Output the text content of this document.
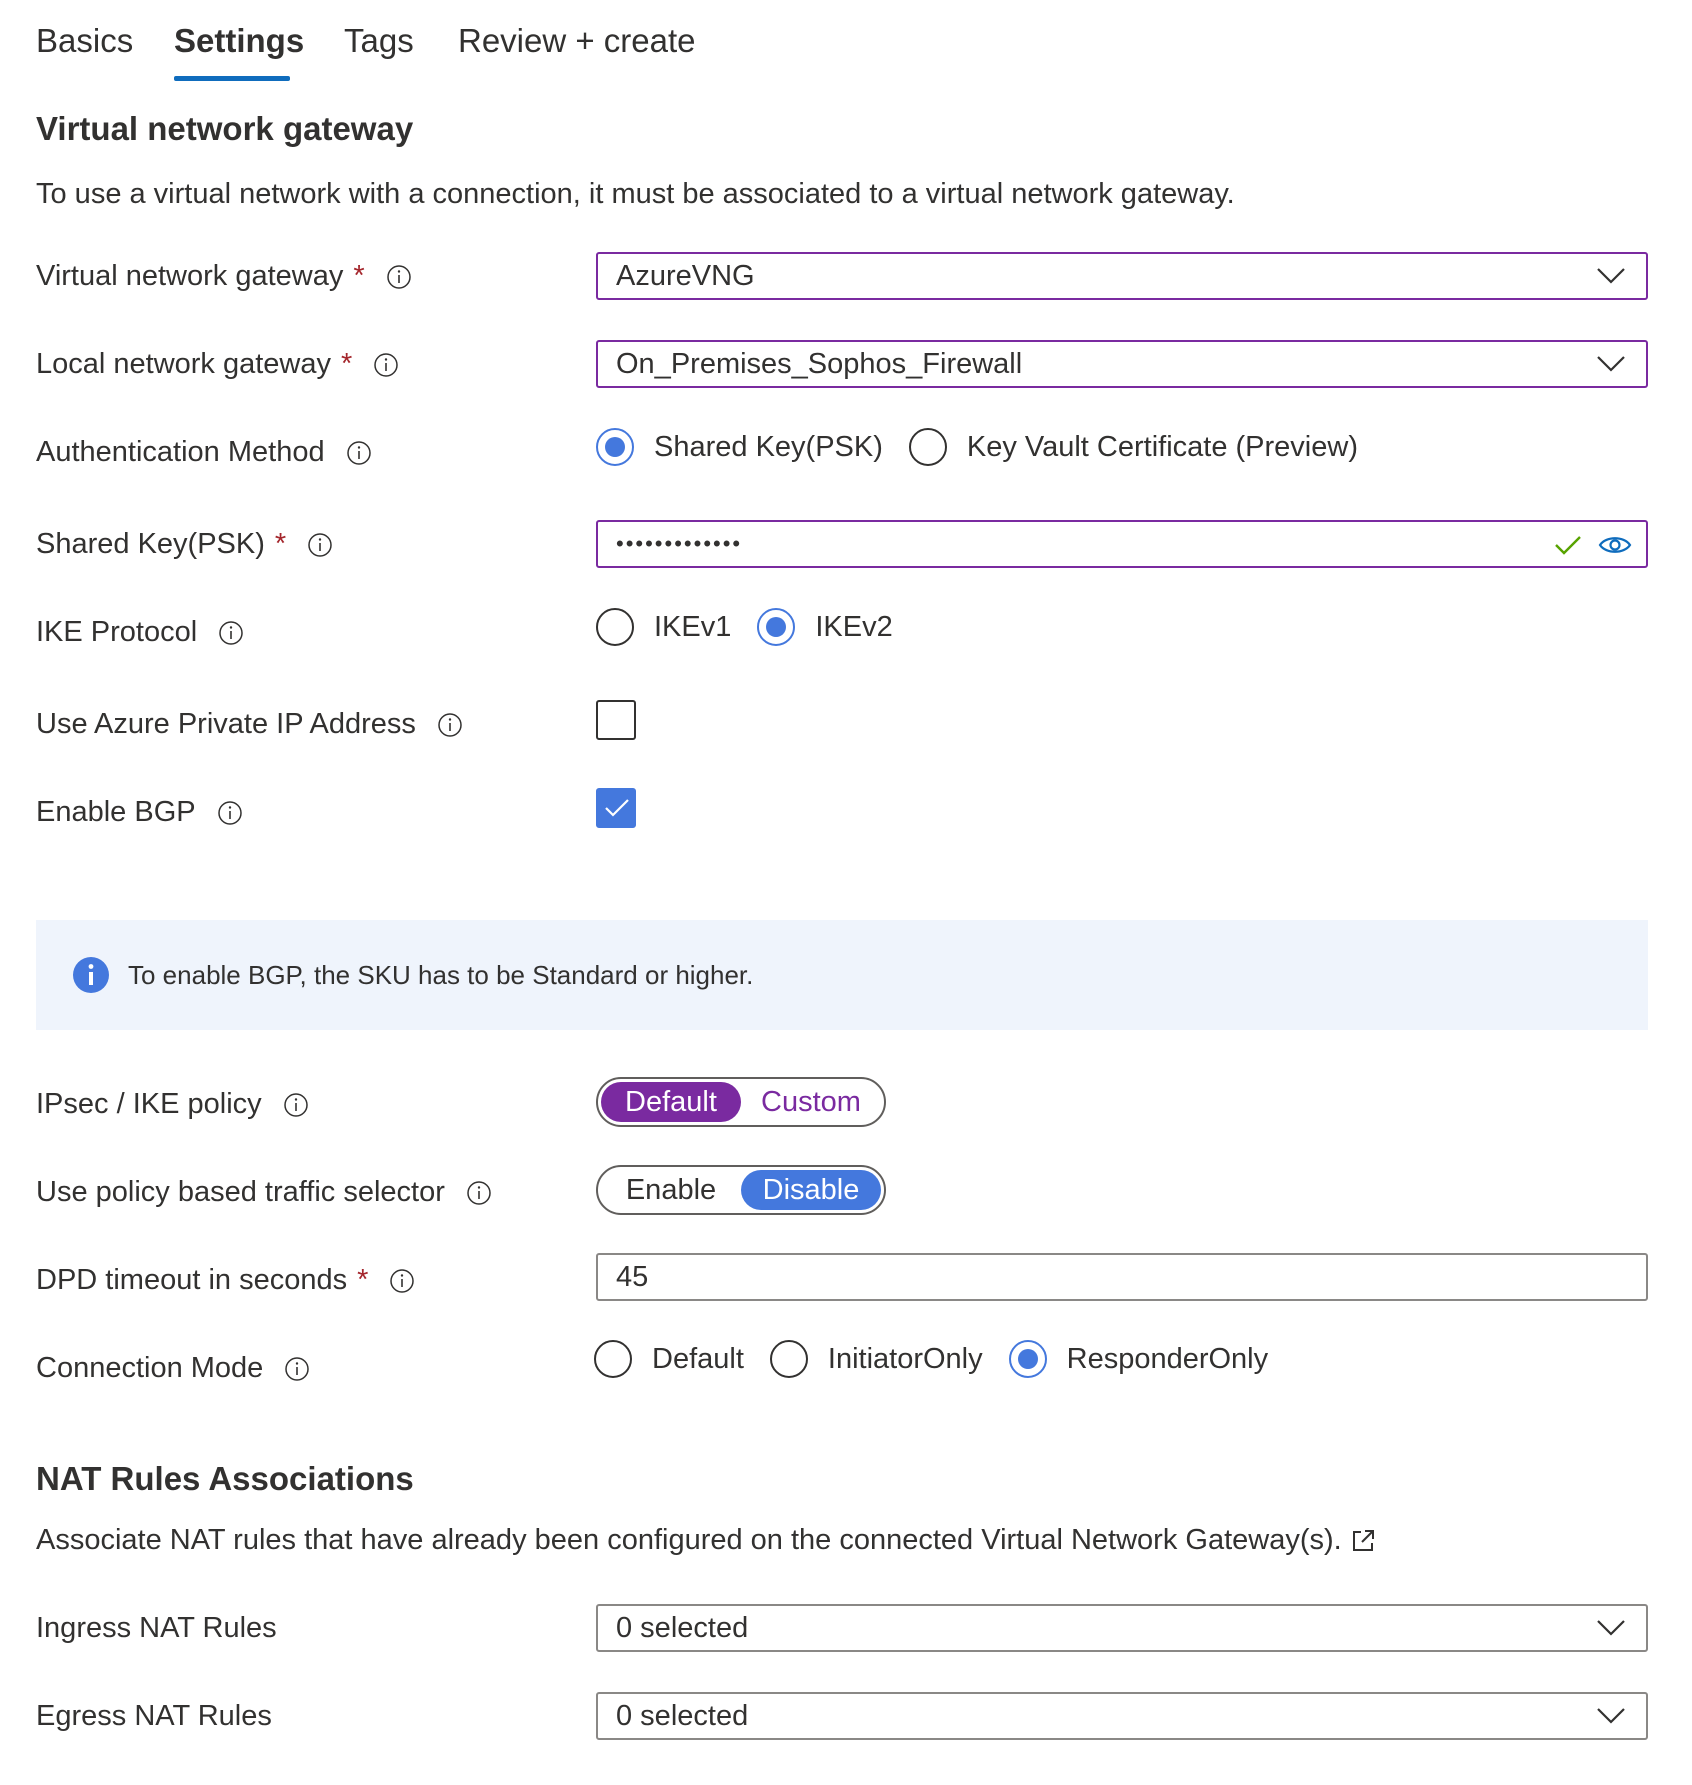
Basics Settings Tags Review + create
Virtual network gateway
To use a virtual network with a connection, it must be associated to a virtual network gateway.
Virtual network gateway *	AzureVNG
Local network gateway *	On_Premises_Sophos_Firewall
Authentication Method	Shared Key(PSK)	Key Vault Certificate (Preview)
Shared Key(PSK) *	•••••••••••••
IKE Protocol	IKEv1	IKEv2
Use Azure Private IP Address
Enable BGP
To enable BGP, the SKU has to be Standard or higher.
IPsec / IKE policy	Default	Custom
Use policy based traffic selector	Enable	Disable
DPD timeout in seconds *	45
Connection Mode	Default	InitiatorOnly	ResponderOnly
NAT Rules Associations
Associate NAT rules that have already been configured on the connected Virtual Network Gateway(s).
Ingress NAT Rules	0 selected
Egress NAT Rules	0 selected
